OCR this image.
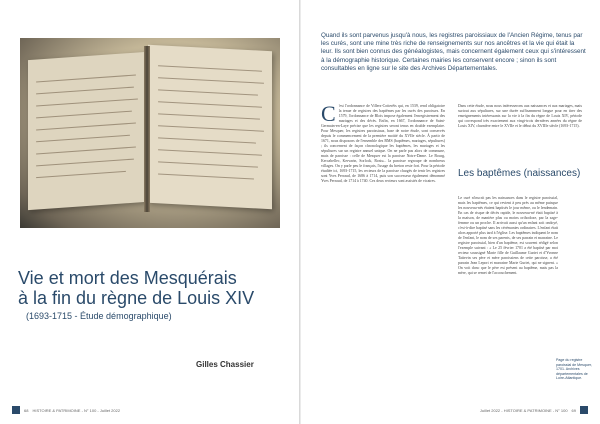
Vie et mort des Mesquérais
à la fin du règne de Louis XIV
(1693-1715 - Étude démographique)
Gilles Chassier
68 HISTOIRE & PATRIMOINE - N° 100 - Juillet 2022
Quand ils sont parvenus jusqu'à nous, les registres paroissiaux de l'Ancien Régime, tenus par les curés, sont une mine très riche de renseignements sur nos ancêtres et la vie qui était la leur. Ils sont bien connus des généalogistes, mais concernent également ceux qui s'intéressent à la démographie historique. Certaines mairies les conservent encore ; sinon ils sont consultables en ligne sur le site des Archives Départementales.
C 'est l'ordonnance de Villers-Cotterêts qui, en 1539, rend obligatoire la tenue de registres des baptêmes par les curés des paroisses. En 1579, l'ordonnance de Blois impose également l'enregistrement des mariages et des décès. Enfin, en 1667, l'ordonnance de Saint-Germain-en-Laye précise que les registres seront tenus en double exemplaire. Pour Mesquer, les registres paroissiaux, base de notre étude, sont conservés depuis le commencement de la première moitié du XVIIe siècle. À partir de 1671, nous disposons de l'ensemble des BMS (baptêmes, mariages, sépultures) ; ils concernent de façon chronologique les baptêmes, les mariages et les sépultures sur un registre annuel unique. On ne parle pas alors de commune, mais de paroisse : celle de Mesquer est la paroisse Notre-Dame. Le Bourg, Kercabellec, Kervarin, Sorlock, Rostu... la paroisse regroupe de nombreux villages. On y parle peu le français, l'usage du breton reste fort. Pour la période étudiée ici, 1693-1715, les recteurs de la paroisse chargés de tenir les registres sont Yves Perraud, de 1686 à 1714, puis son successeur également dénommé Yves Perraud, de 1714 à 1740. Ces deux recteurs sont assistés de vicaires.
Dans cette étude, nous nous intéresserons aux naissances et aux mariages, mais surtout aux sépultures, sur une durée suffisamment longue pour en tirer des enseignements intéressants sur la vie à la fin du règne de Louis XIV, période qui correspond très exactement aux vingt-trois dernières années du règne de Louis XIV, charnière entre le XVIIe et le début du XVIIIe siècle (1693-1715).
Les baptêmes (naissances)
Le curé n'inscrit pas les naissances dans le registre paroissial, mais les baptêmes, ce qui revient à peu près au même puisque les nouveau-nés étaient baptisés le jour même, ou le lendemain. En cas de risque de décès rapide, le nouveau-né était baptisé à la maison, de manière plus ou moins orthodoxe, par la sage-femme ou un proche. Il arrivait aussi qu'un enfant soit ondoyé, c'est-à-dire baptisé sans les cérémonies ordinaires. L'enfant était alors apporté plus tard à l'église. Les baptêmes indiquent le nom de l'enfant, le nom de ses parents, de ses parrain et marraine. Le registre paroissial, bien d'un baptême, est souvent rédigé selon l'exemple suivant : « Le 25 février 1701 a été baptisé par moi recteur soussigné Marie fille de Guillaume Guriet et d'Yvonne Tattevin ses père et mère paroissiens de cette paroisse, a été parrain Jean Leport et marraine Marie Guriet, qui ne signent. » On voit donc que le père est présent au baptême, mais pas la mère, qui se remet de l'accouchement.
Page du registre paroissial de Mesquer, 1701. Archives départementales de Loire-Atlantique.
Juillet 2022 - HISTOIRE & PATRIMOINE - N° 100 69
